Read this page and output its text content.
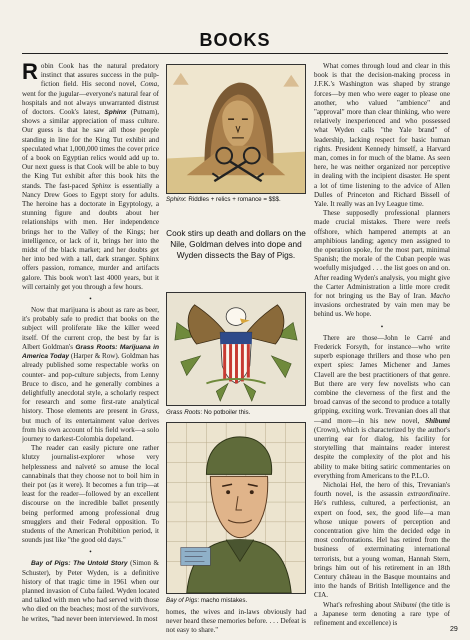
BOOKS

Robin Cook has the natural predatory instinct that assures success in the pulp-fiction field. His second novel, Coma, went for the jugular—everyone's natural fear of hospitals and not always unwarranted distrust of doctors. Cook's latest, Sphinx (Putnam), shows a similar appreciation of mass culture. Our guess is that he saw all those people standing in line for the King Tut exhibit and speculated what 1,000,000 times the cover price of a book on Egyptian relics would add up to. Our next guess is that Cook will be able to buy the King Tut exhibit after this book hits the stands. The fast-paced Sphinx is essentially a Nancy Drew Goes to Egypt story for adults. The heroine has a doctorate in Egyptology, a stunning figure and doubts about her relationships with men. Her independence brings her to the Valley of the Kings; her intelligence, or lack of it, brings her into the midst of the black market; and her doubts get her into bed with a tall, dark stranger. Sphinx offers passion, romance, murder and artifacts galore. This book won't last 4000 years, but it will certainly get you through a few hours.

•

Now that marijuana is about as rare as beer, it's probably safe to predict that books on the subject will proliferate like the killer weed itself. Of the current crop, the best by far is Albert Goldman's Grass Roots: Marijuana in America Today (Harper & Row). Goldman has already published some respectable works on counter- and pop-culture subjects, from Lenny Bruce to disco, and he generally combines a delightfully anecdotal style, a scholarly respect for research and some first-rate analytical history. Those elements are present in Grass, but much of its entertainment value derives from his own account of his field work—a solo journey to darkest-Colombia dopeland.

The reader can easily picture one rather klutzy journalist-explorer whose very helplessness and naïveté so amuse the local cannabinals that they choose not to boil him in their pot (as it were). It becomes a fun trip—at least for the reader—followed by an excellent discourse on the incredible ballet presently being performed among professional drug smugglers and their Federal opposition. To students of the American Prohibition period, it sounds just like "the good old days."

•

Bay of Pigs: The Untold Story (Simon & Schuster), by Peter Wyden, is a definitive history of that tragic time in 1961 when our planned invasion of Cuba failed. Wyden located and talked with men who had served with those who died on the beaches; most of the survivors, he writes, "had never been interviewed. In most

Sphinx: Riddles + relics + romance = $$$.
Cook stirs up death and dollars on the Nile, Goldman delves into dope and Wyden dissects the Bay of Pigs.
Grass Roots: No potboiler this.
Bay of Pigs: macho mistakes.
homes, the wives and in-laws obviously had never heard these memories before. . . . Defeat is not easy to share."

What comes through loud and clear in this book is that the decision-making process in J.F.K.'s Washington was shaped by strange forces—by men who were eager to please one another, who valued "ambience" and "approval" more than clear thinking, who were relatively inexperienced and who possessed what Wyden calls "the Yale brand" of leadership, lacking respect for basic human rights. President Kennedy himself, a Harvard man, comes in for much of the blame. As seen here, he was neither organized nor perceptive in dealing with the incipient disaster. He spent a lot of time listening to the advice of Allen Dulles of Princeton and Richard Bissell of Yale. It really was an Ivy League time.

These supposedly professional planners made crucial mistakes. There were reefs offshore, which hampered attempts at an amphibious landing; agency men assigned to the operation spoke, for the most part, minimal Spanish; the morale of the Cuban people was woefully misjudged . . . the list goes on and on. After reading Wyden's analysis, you might give the Carter Administration a little more credit for not bringing us the Bay of Iran. Macho invasions orchestrated by vain men may be behind us. We hope.

•

There are those—John le Carré and Frederick Forsyth, for instance—who write superb espionage thrillers and those who pen expert spies: James Michener and James Clavell are the best practitioners of that genre. But there are very few novelists who can combine the cleverness of the first and the broad canvas of the second to produce a totally gripping, exciting work. Trevanian does all that—and more—in his new novel, Shibumi (Crown), which is characterized by the author's unerring ear for dialog, his facility for storytelling that maintains reader interest despite the complexity of the plot and his ability to make biting satiric commentaries on everything from Americans to the P.L.O.

Nicholai Hel, the hero of this, Trevanian's fourth novel, is the assassin extraordinaire. He's ruthless, cultured, a perfectionist, an expert on food, sex, the good life—a man whose unique powers of perception and concentration give him the decided edge in most confrontations. Hel has retired from the business of exterminating international terrorists, but a young woman, Hannah Stern, brings him out of his retirement in an 18th Century château in the Basque mountains and into the hands of British Intelligence and the CIA.

What's refreshing about Shibumi (the title is a Japanese term denoting a rare type of refinement and excellence) is

29
